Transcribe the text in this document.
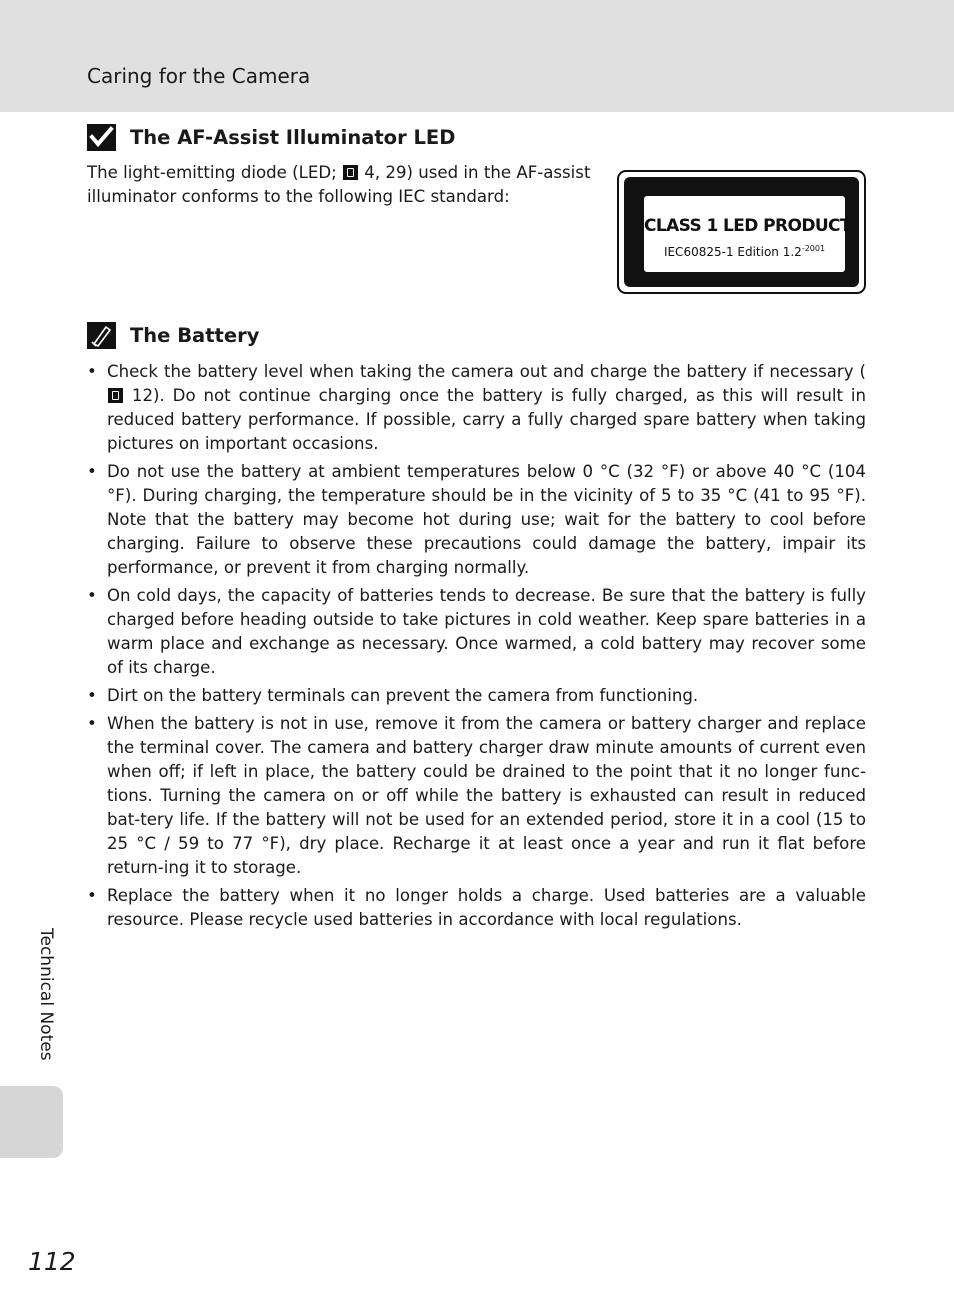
Caring for the Camera
The AF-Assist Illuminator LED
The light-emitting diode (LED; 4, 29) used in the AF-assist illuminator conforms to the following IEC standard:
CLASS 1 LED PRODUCT
IEC60825-1 Edition $1.2^{-2001}$
The Battery
• Check the battery level when taking the camera out and charge the battery if necessary ( 12). Do not continue charging once the battery is fully charged, as this will result in reduced battery performance. If possible, carry a fully charged spare battery when taking pictures on important occasions.
• Do not use the battery at ambient temperatures below 0 °C (32 °F) or above 40 °C (104 °F). During charging, the temperature should be in the vicinity of 5 to 35 °C (41 to 95 °F). Note that the battery may become hot during use; wait for the battery to cool before charging. Failure to observe these precautions could damage the battery, impair its performance, or prevent it from charging normally.
• On cold days, the capacity of batteries tends to decrease. Be sure that the battery is fully charged before heading outside to take pictures in cold weather. Keep spare batteries in a warm place and exchange as necessary. Once warmed, a cold battery may recover some of its charge.
• Dirt on the battery terminals can prevent the camera from functioning.
• When the battery is not in use, remove it from the camera or battery charger and replace the terminal cover. The camera and battery charger draw minute amounts of current even when off; if left in place, the battery could be drained to the point that it no longer func-tions. Turning the camera on or off while the battery is exhausted can result in reduced bat-tery life. If the battery will not be used for an extended period, store it in a cool (15 to 25 °C / 59 to 77 °F), dry place. Recharge it at least once a year and run it flat before return-ing it to storage.
• Replace the battery when it no longer holds a charge. Used batteries are a valuable resource. Please recycle used batteries in accordance with local regulations.
Technical Notes
112
